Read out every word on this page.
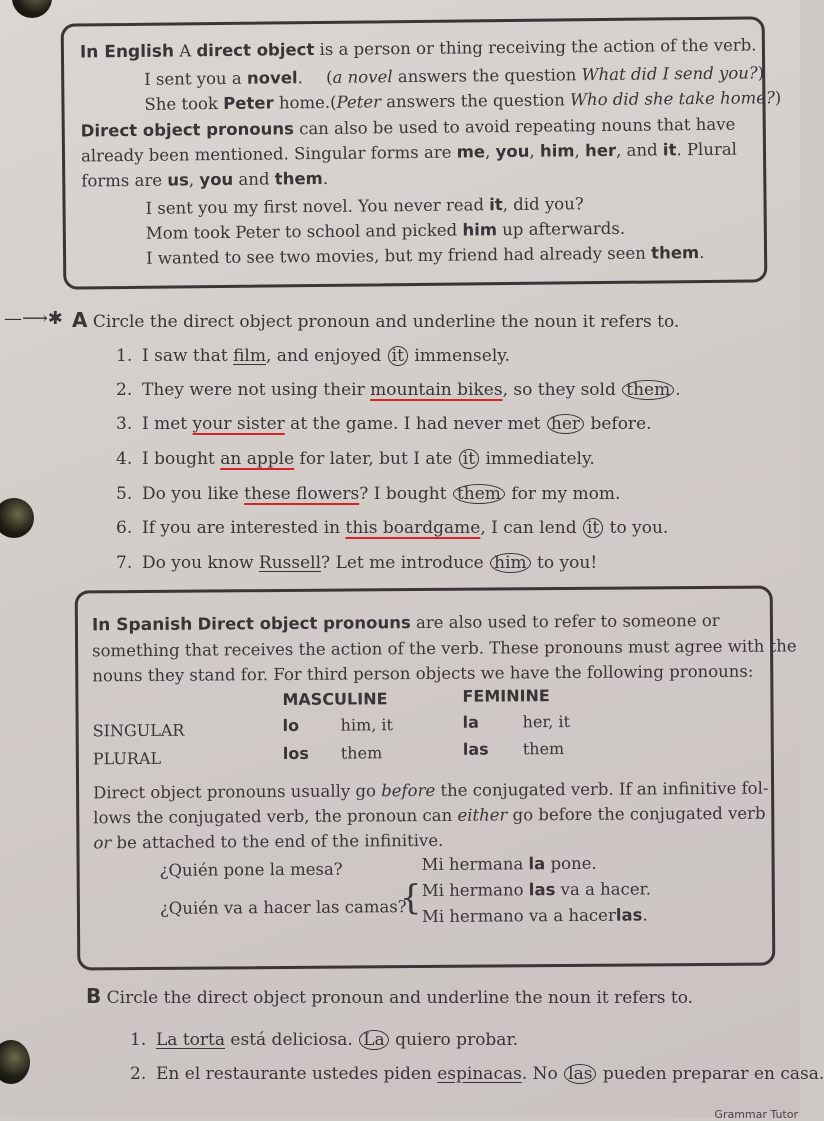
In English A direct object is a person or thing receiving the action of the verb.
I sent you a novel. (a novel answers the question What did I send you?)
She took Peter home.(Peter answers the question Who did she take home?)
Direct object pronouns can also be used to avoid repeating nouns that have
already been mentioned. Singular forms are me, you, him, her, and it. Plural
forms are us, you and them.
I sent you my first novel. You never read it, did you?
Mom took Peter to school and picked him up afterwards.
I wanted to see two movies, but my friend had already seen them.
—⟶✱ A Circle the direct object pronoun and underline the noun it refers to.
1. I saw that film, and enjoyed it immensely.
2. They were not using their mountain bikes, so they sold them .
3. I met your sister at the game. I had never met her before.
4. I bought an apple for later, but I ate it immediately.
5. Do you like these flowers? I bought them for my mom.
6. If you are interested in this boardgame, I can lend it to you.
7. Do you know Russell? Let me introduce him to you!
In Spanish Direct object pronouns are also used to refer to someone or
something that receives the action of the verb. These pronouns must agree with the
nouns they stand for. For third person objects we have the following pronouns:
MASCULINE	FEMININE
SINGULAR	lo	him, it	la	her, it
PLURAL	los them	las them
Direct object pronouns usually go before the conjugated verb. If an infinitive fol-
lows the conjugated verb, the pronoun can either go before the conjugated verb
or be attached to the end of the infinitive.
¿Quién pone la mesa?	Mi hermana la pone.
¿Quién va a hacer las camas?
{ Mi hermano las va a hacer.
Mi hermano va a hacerlas.
B Circle the direct object pronoun and underline the noun it refers to.
1. La torta está deliciosa. La quiero probar.
2. En el restaurante ustedes piden espinacas. No las pueden preparar en casa.
Grammar Tutor
